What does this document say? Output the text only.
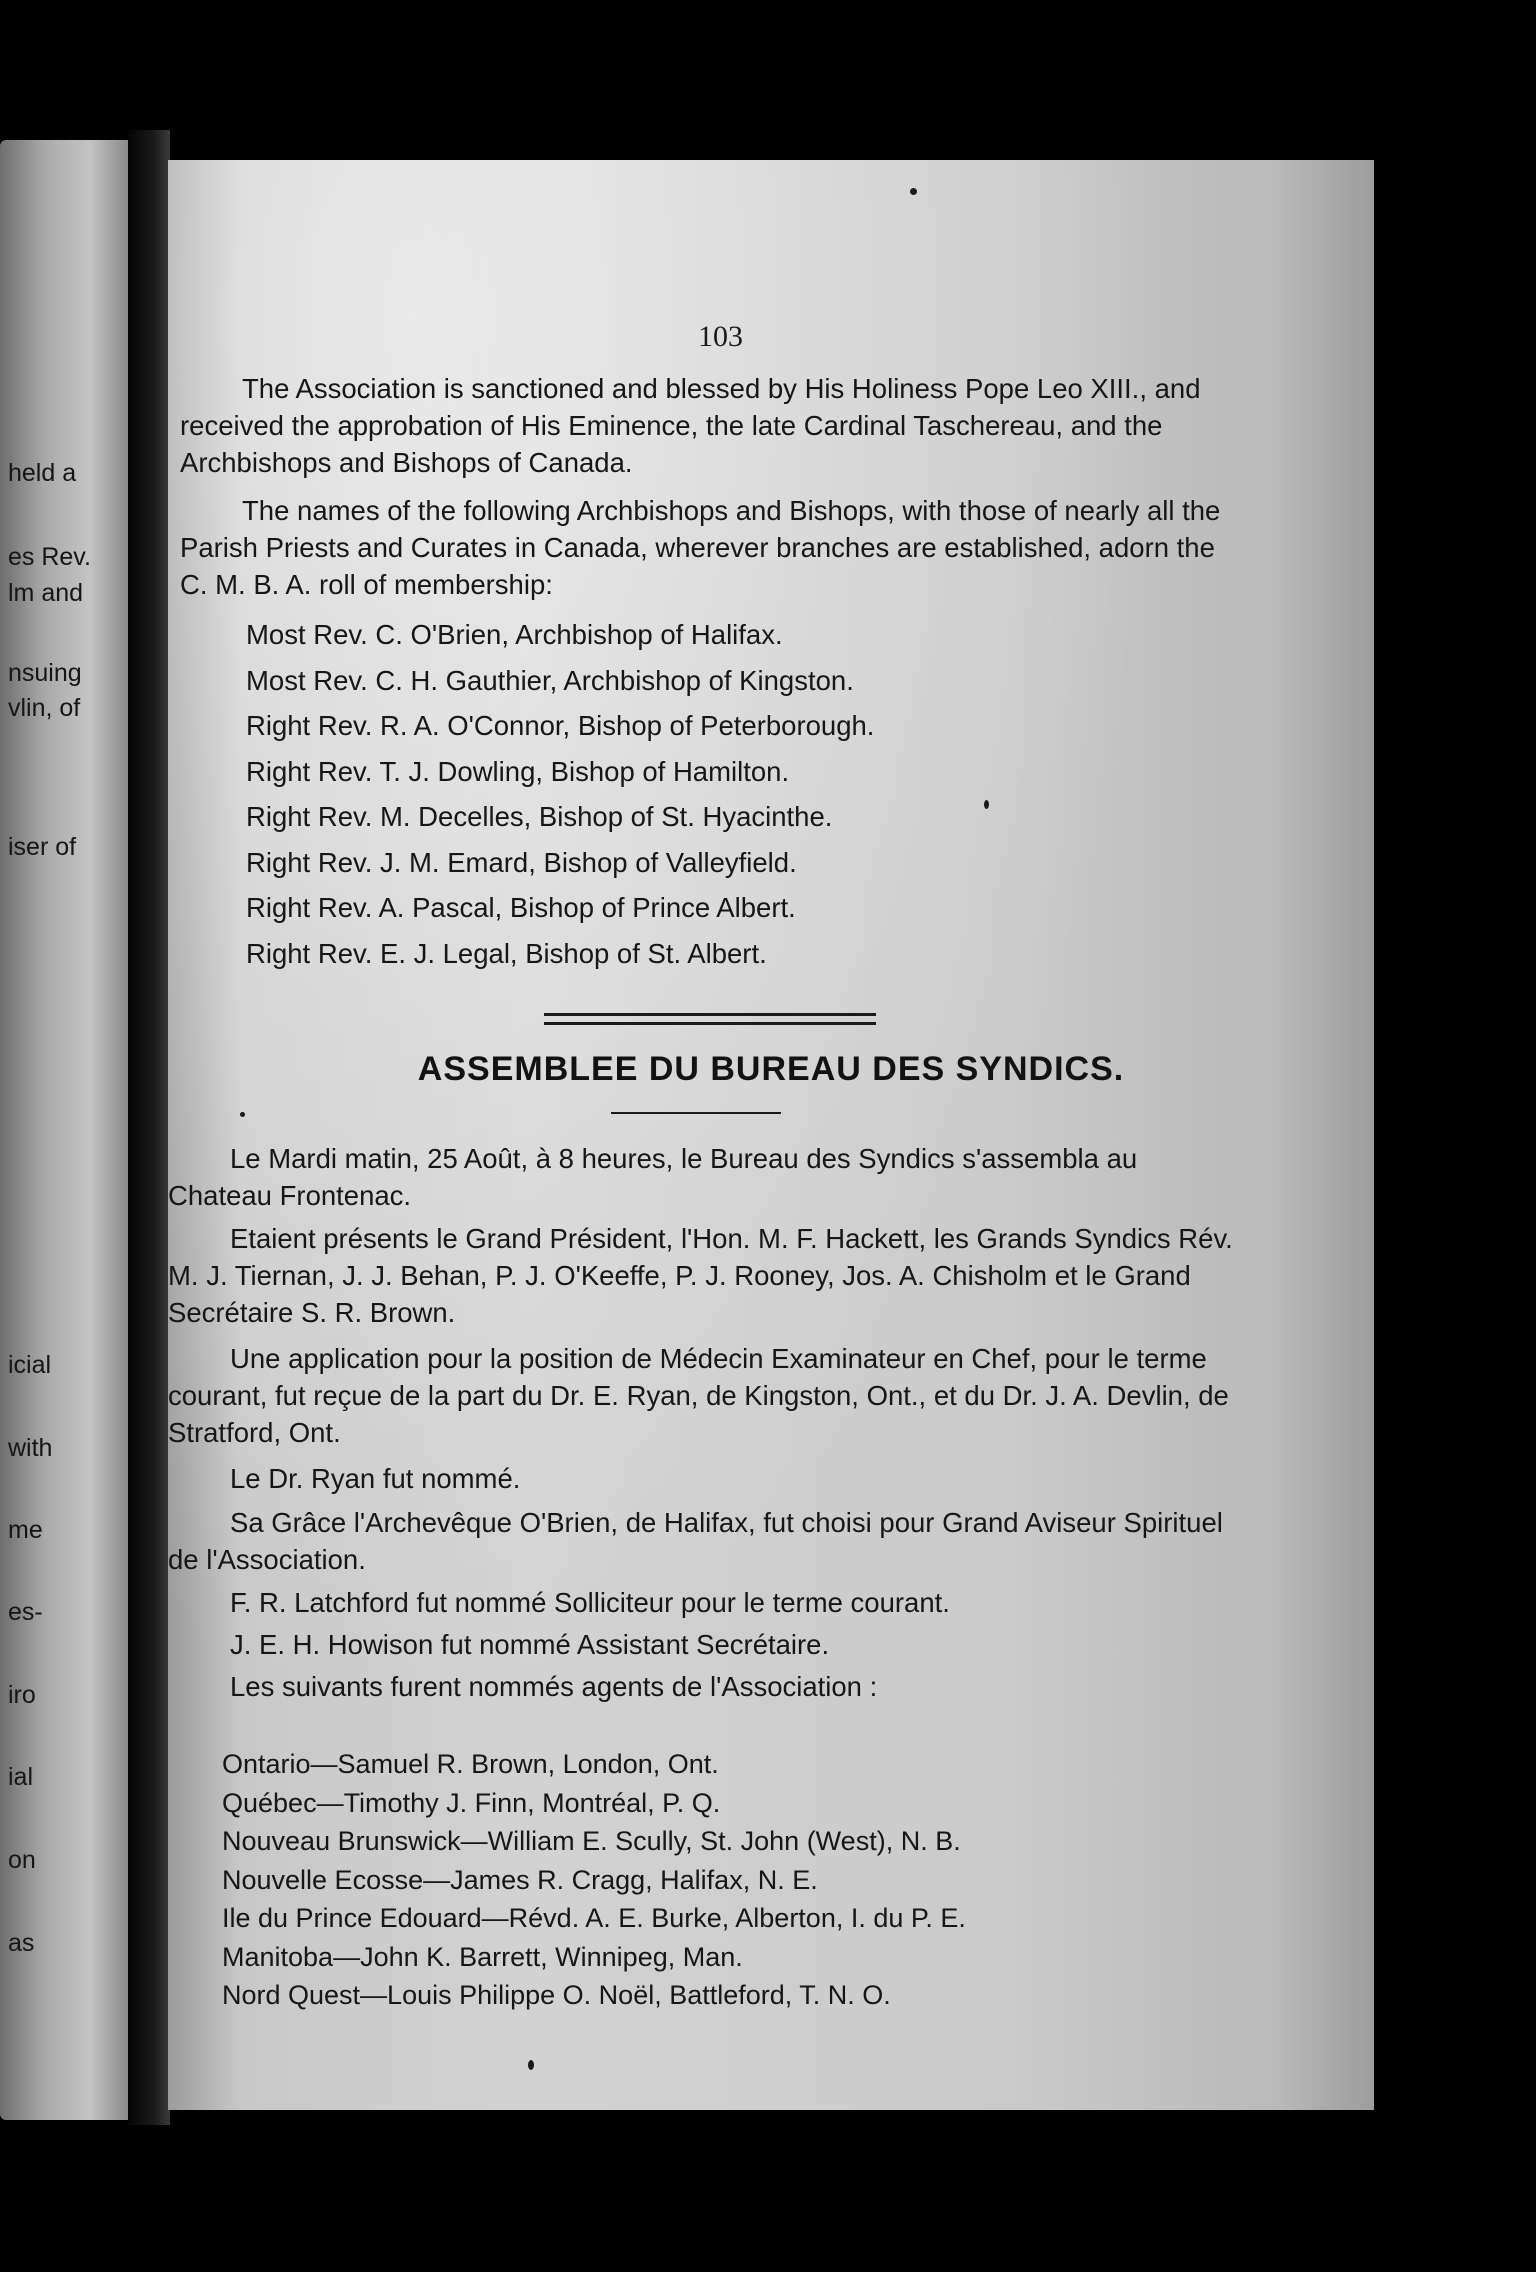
held a
es Rev.
lm and
nsuing
vlin, of
iser of
icial
with
me
es-
iro
ial
on
as
103
The Association is sanctioned and blessed by His Holiness Pope Leo XIII., and received the approbation of His Eminence, the late Cardinal Taschereau, and the Archbishops and Bishops of Canada.
The names of the following Archbishops and Bishops, with those of nearly all the Parish Priests and Curates in Canada, wherever branches are established, adorn the C. M. B. A. roll of membership:
Most Rev. C. O'Brien, Archbishop of Halifax.
Most Rev. C. H. Gauthier, Archbishop of Kingston.
Right Rev. R. A. O'Connor, Bishop of Peterborough.
Right Rev. T. J. Dowling, Bishop of Hamilton.
Right Rev. M. Decelles, Bishop of St. Hyacinthe.
Right Rev. J. M. Emard, Bishop of Valleyfield.
Right Rev. A. Pascal, Bishop of Prince Albert.
Right Rev. E. J. Legal, Bishop of St. Albert.
ASSEMBLEE DU BUREAU DES SYNDICS.
Le Mardi matin, 25 Août, à 8 heures, le Bureau des Syndics s'assembla au Chateau Frontenac.
Etaient présents le Grand Président, l'Hon. M. F. Hackett, les Grands Syndics Rév. M. J. Tiernan, J. J. Behan, P. J. O'Keeffe, P. J. Rooney, Jos. A. Chisholm et le Grand Secrétaire S. R. Brown.
Une application pour la position de Médecin Examinateur en Chef, pour le terme courant, fut reçue de la part du Dr. E. Ryan, de Kingston, Ont., et du Dr. J. A. Devlin, de Stratford, Ont.
Le Dr. Ryan fut nommé.
Sa Grâce l'Archevêque O'Brien, de Halifax, fut choisi pour Grand Aviseur Spirituel de l'Association.
F. R. Latchford fut nommé Solliciteur pour le terme courant.
J. E. H. Howison fut nommé Assistant Secrétaire.
Les suivants furent nommés agents de l'Association :
Ontario—Samuel R. Brown, London, Ont.
Québec—Timothy J. Finn, Montréal, P. Q.
Nouveau Brunswick—William E. Scully, St. John (West), N. B.
Nouvelle Ecosse—James R. Cragg, Halifax, N. E.
Ile du Prince Edouard—Révd. A. E. Burke, Alberton, I. du P. E.
Manitoba—John K. Barrett, Winnipeg, Man.
Nord Quest—Louis Philippe O. Noël, Battleford, T. N. O.
